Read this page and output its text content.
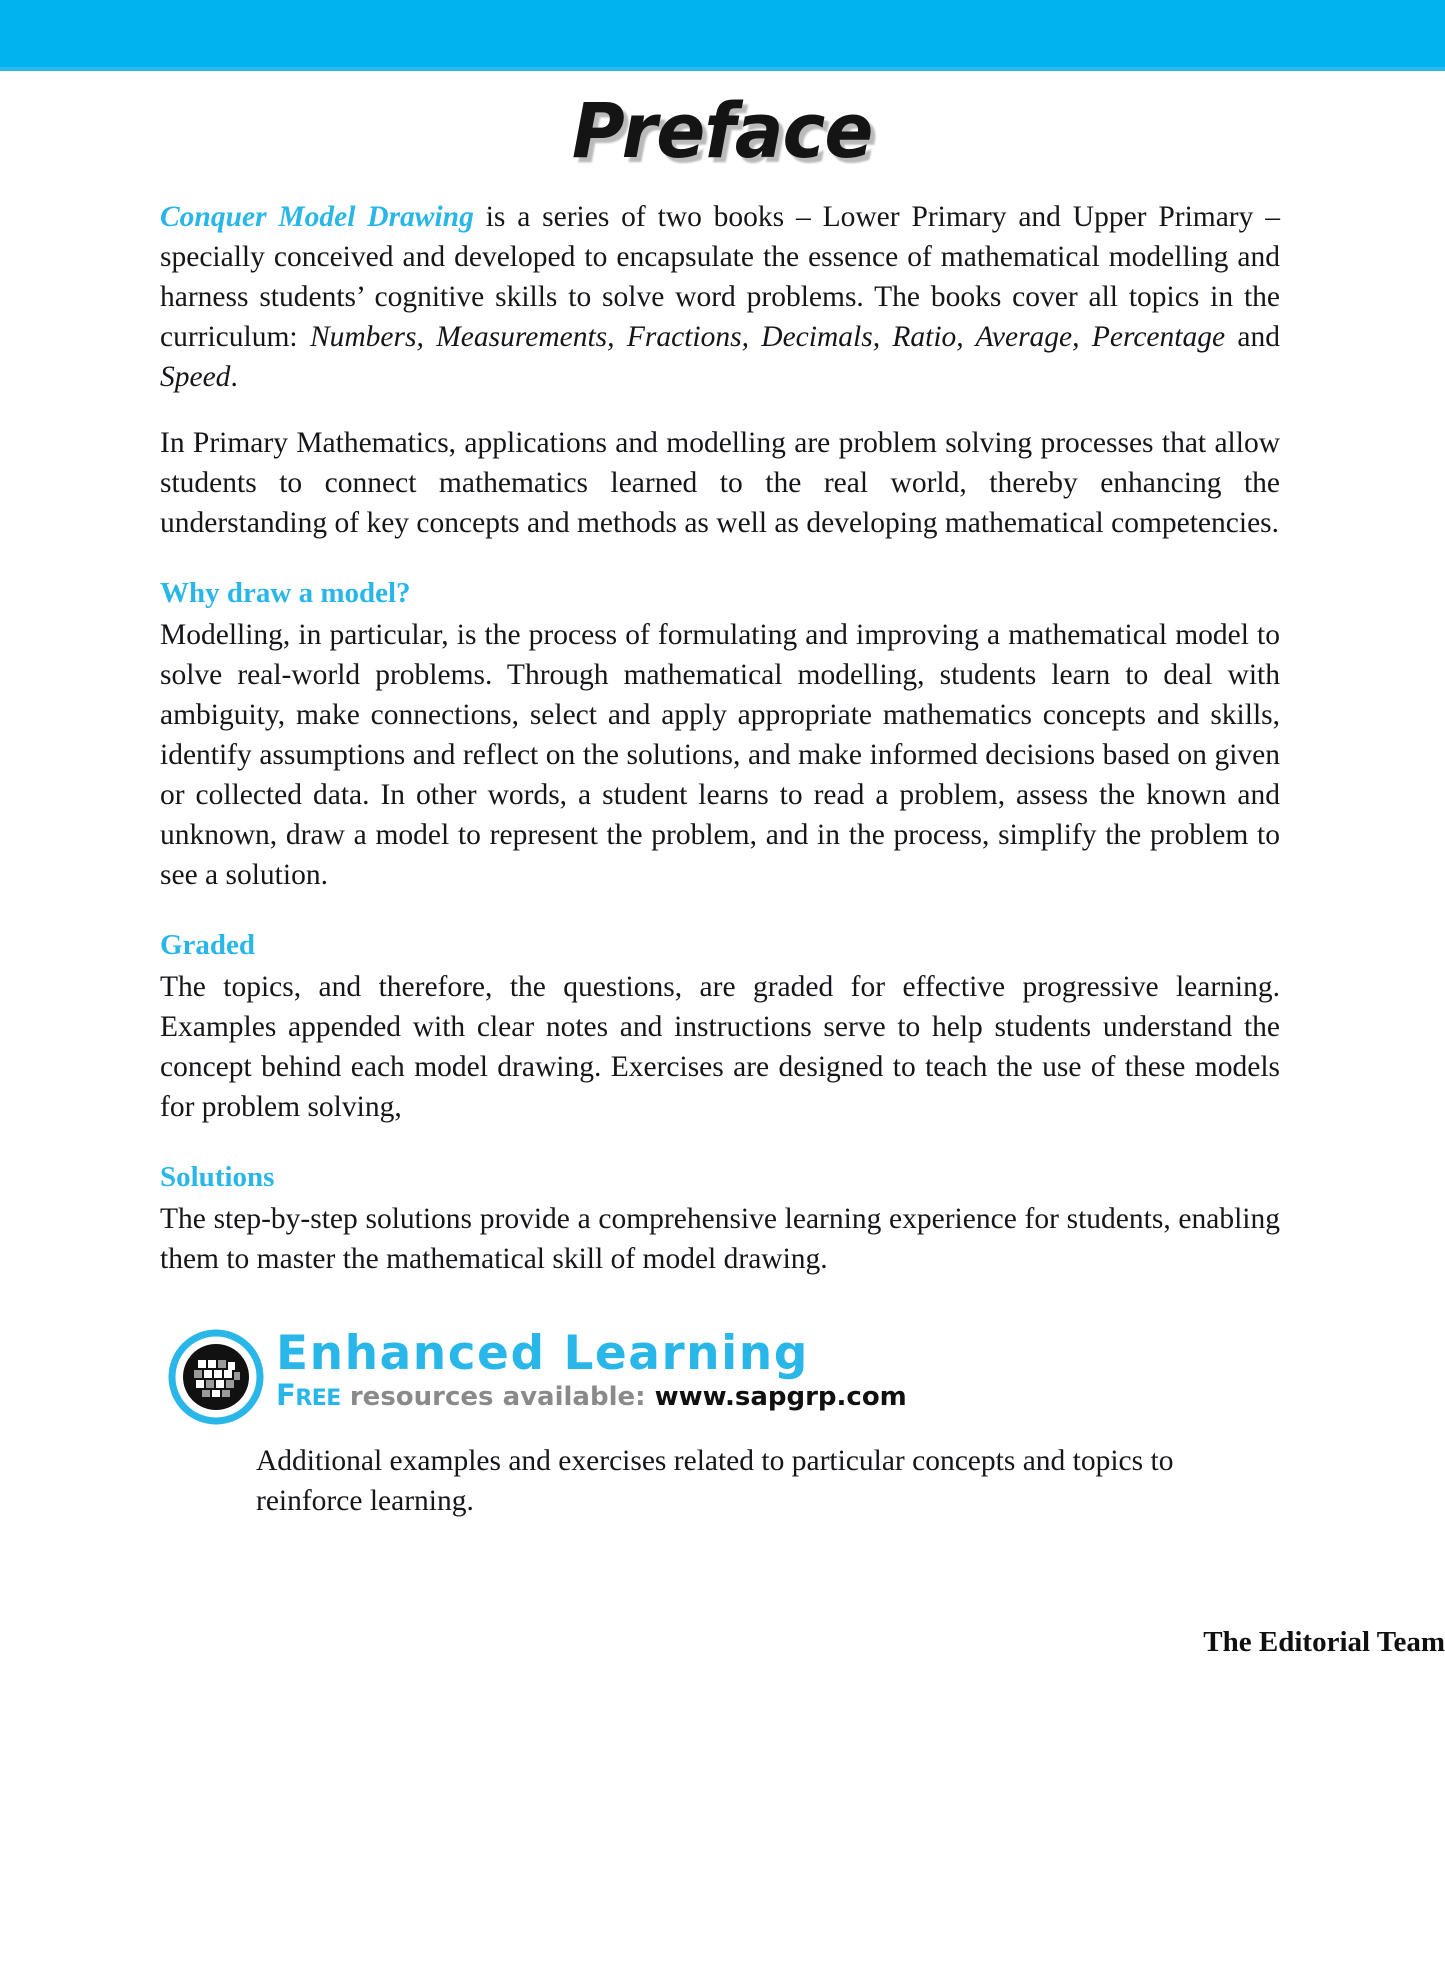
Preface

Conquer Model Drawing is a series of two books – Lower Primary and Upper Primary – specially conceived and developed to encapsulate the essence of mathematical modelling and harness students’ cognitive skills to solve word problems. The books cover all topics in the curriculum: Numbers, Measurements, Fractions, Decimals, Ratio, Average, Percentage and Speed.

In Primary Mathematics, applications and modelling are problem solving processes that allow students to connect mathematics learned to the real world, thereby enhancing the understanding of key concepts and methods as well as developing mathematical competencies.

Why draw a model?

Modelling, in particular, is the process of formulating and improving a mathematical model to solve real-world problems. Through mathematical modelling, students learn to deal with ambiguity, make connections, select and apply appropriate mathematics concepts and skills, identify assumptions and reflect on the solutions, and make informed decisions based on given or collected data. In other words, a student learns to read a problem, assess the known and unknown, draw a model to represent the problem, and in the process, simplify the problem to see a solution.

Graded

The topics, and therefore, the questions, are graded for effective progressive learning. Examples appended with clear notes and instructions serve to help students understand the concept behind each model drawing. Exercises are designed to teach the use of these models for problem solving,

Solutions

The step-by-step solutions provide a comprehensive learning experience for students, enabling them to master the mathematical skill of model drawing.

Enhanced Learning
FREE resources available: www.sapgrp.com

Additional examples and exercises related to particular concepts and topics to reinforce learning.

The Editorial Team
